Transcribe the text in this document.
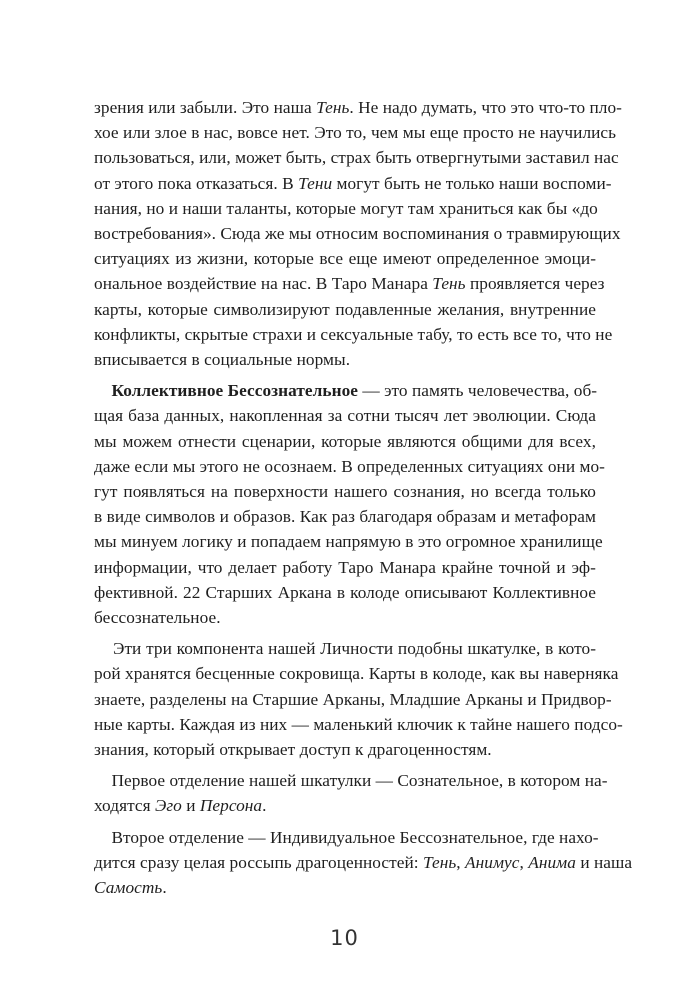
зрения или забыли. Это наша Тень. Не надо думать, что это что-то пло-
хое или злое в нас, вовсе нет. Это то, чем мы еще просто не научились
пользоваться, или, может быть, страх быть отвергнутыми заставил нас
от этого пока отказаться. В Тени могут быть не только наши воспоми-
нания, но и наши таланты, которые могут там храниться как бы «до
востребования». Сюда же мы относим воспоминания о травмирующих
ситуациях из жизни, которые все еще имеют определенное эмоци-
ональное воздействие на нас. В Таро Манара Тень проявляется через
карты, которые символизируют подавленные желания, внутренние
конфликты, скрытые страхи и сексуальные табу, то есть все то, что не
вписывается в социальные нормы.
Коллективное Бессознательное — это память человечества, об-
щая база данных, накопленная за сотни тысяч лет эволюции. Сюда
мы можем отнести сценарии, которые являются общими для всех,
даже если мы этого не осознаем. В определенных ситуациях они мо-
гут появляться на поверхности нашего сознания, но всегда только
в виде символов и образов. Как раз благодаря образам и метафорам
мы минуем логику и попадаем напрямую в это огромное хранилище
информации, что делает работу Таро Манара крайне точной и эф-
фективной. 22 Старших Аркана в колоде описывают Коллективное
бессознательное.
Эти три компонента нашей Личности подобны шкатулке, в кото-
рой хранятся бесценные сокровища. Карты в колоде, как вы наверняка
знаете, разделены на Старшие Арканы, Младшие Арканы и Придвор-
ные карты. Каждая из них — маленький ключик к тайне нашего подсо-
знания, который открывает доступ к драгоценностям.
Первое отделение нашей шкатулки — Сознательное, в котором на-
ходятся Эго и Персона.
Второе отделение — Индивидуальное Бессознательное, где нахо-
дится сразу целая россыпь драгоценностей: Тень, Анимус, Анима и наша
Самость.
10
